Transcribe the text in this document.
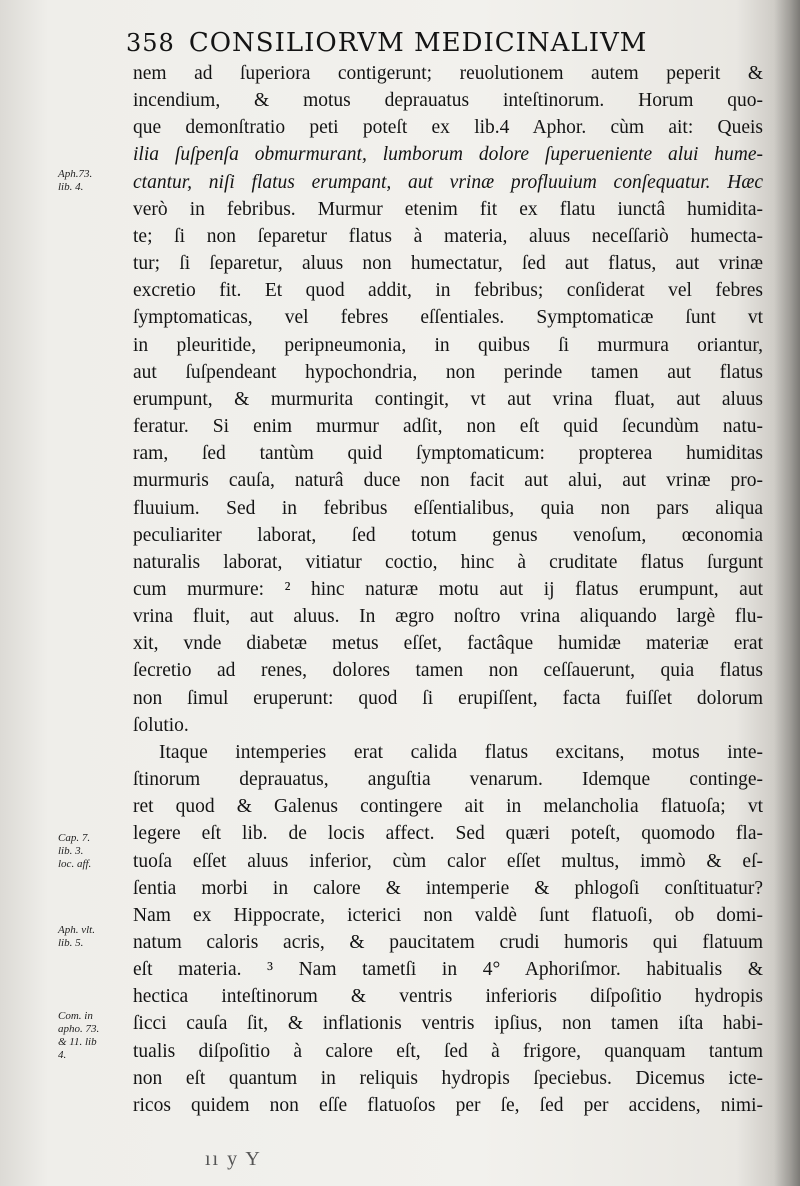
358 CONSILIORVM MEDICINALIVM
Aph.73.
lib. 4.
Cap. 7.
lib. 3.
loc. aff.
Aph. vlt.
lib. 5.
Com. in
apho. 73.
& 11. lib
4.
nem ad ſuperiora contigerunt; reuolutionem autem peperit &
incendium, & motus deprauatus inteſtinorum. Horum quo-
que demonſtratio peti poteſt ex lib.4 Aphor. cùm ait: Queis
ilia ſuſpenſa obmurmurant, lumborum dolore ſuperueniente alui hume-
ctantur, niſi flatus erumpant, aut vrinæ profluuium conſequatur. Hæc
verò in febribus. Murmur etenim fit ex flatu iunctâ humidita-
te; ſi non ſeparetur flatus à materia, aluus neceſſariò humecta-
tur; ſi ſeparetur, aluus non humectatur, ſed aut flatus, aut vrinæ
excretio fit. Et quod addit, in febribus; conſiderat vel febres
ſymptomaticas, vel febres eſſentiales. Symptomaticæ ſunt vt
in pleuritide, peripneumonia, in quibus ſi murmura oriantur,
aut ſuſpendeant hypochondria, non perinde tamen aut flatus
erumpunt, & murmurita contingit, vt aut vrina fluat, aut aluus
feratur. Si enim murmur adſit, non eſt quid ſecundùm natu-
ram, ſed tantùm quid ſymptomaticum: propterea humiditas
murmuris cauſa, naturâ duce non facit aut alui, aut vrinæ pro-
fluuium. Sed in febribus eſſentialibus, quia non pars aliqua
peculiariter laborat, ſed totum genus venoſum, œconomia
naturalis laborat, vitiatur coctio, hinc à cruditate flatus ſurgunt
cum murmure: ² hinc naturæ motu aut ij flatus erumpunt, aut
vrina fluit, aut aluus. In ægro noſtro vrina aliquando largè flu-
xit, vnde diabetæ metus eſſet, factâque humidæ materiæ erat
ſecretio ad renes, dolores tamen non ceſſauerunt, quia flatus
non ſimul eruperunt: quod ſi erupiſſent, facta fuiſſet dolorum
ſolutio.
Itaque intemperies erat calida flatus excitans, motus inte-
ſtinorum deprauatus, anguſtia venarum. Idemque continge-
ret quod & Galenus contingere ait in melancholia flatuoſa; vt
legere eſt lib. de locis affect. Sed quæri poteſt, quomodo fla-
tuoſa eſſet aluus inferior, cùm calor eſſet multus, immò & eſ-
ſentia morbi in calore & intemperie & phlogoſi conſtituatur?
Nam ex Hippocrate, icterici non valdè ſunt flatuoſi, ob domi-
natum caloris acris, & paucitatem crudi humoris qui flatuum
eſt materia. ³ Nam tametſi in 4° Aphoriſmor. habitualis &
hectica inteſtinorum & ventris inferioris diſpoſitio hydropis
ſicci cauſa ſit, & inflationis ventris ipſius, non tamen iſta habi-
tualis diſpoſitio à calore eſt, ſed à frigore, quanquam tantum
non eſt quantum in reliquis hydropis ſpeciebus. Dicemus icte-
ricos quidem non eſſe flatuoſos per ſe, ſed per accidens, nimi-
ıı y Y
